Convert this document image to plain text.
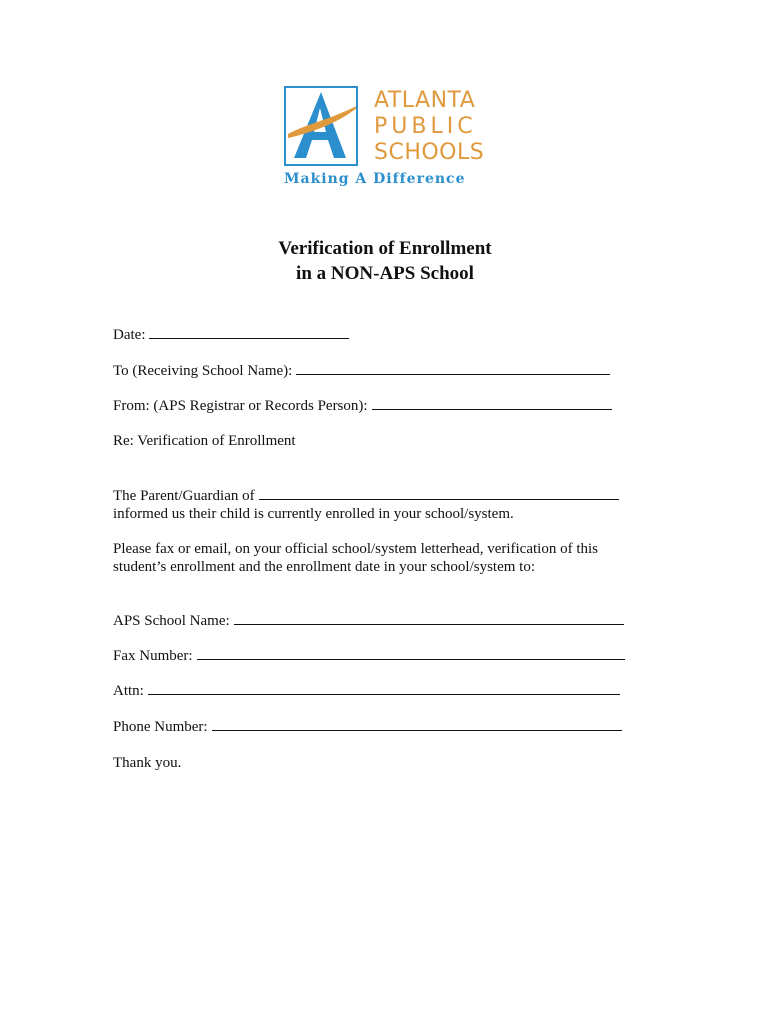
ATLANTA
PUBLIC
SCHOOLS
Making A Difference
Verification of Enrollment
in a NON-APS School
Date:
To (Receiving School Name):
From: (APS Registrar or Records Person):
Re: Verification of Enrollment
The Parent/Guardian of
informed us their child is currently enrolled in your school/system.
Please fax or email, on your official school/system letterhead, verification of this
student’s enrollment and the enrollment date in your school/system to:
APS School Name:
Fax Number:
Attn:
Phone Number:
Thank you.
